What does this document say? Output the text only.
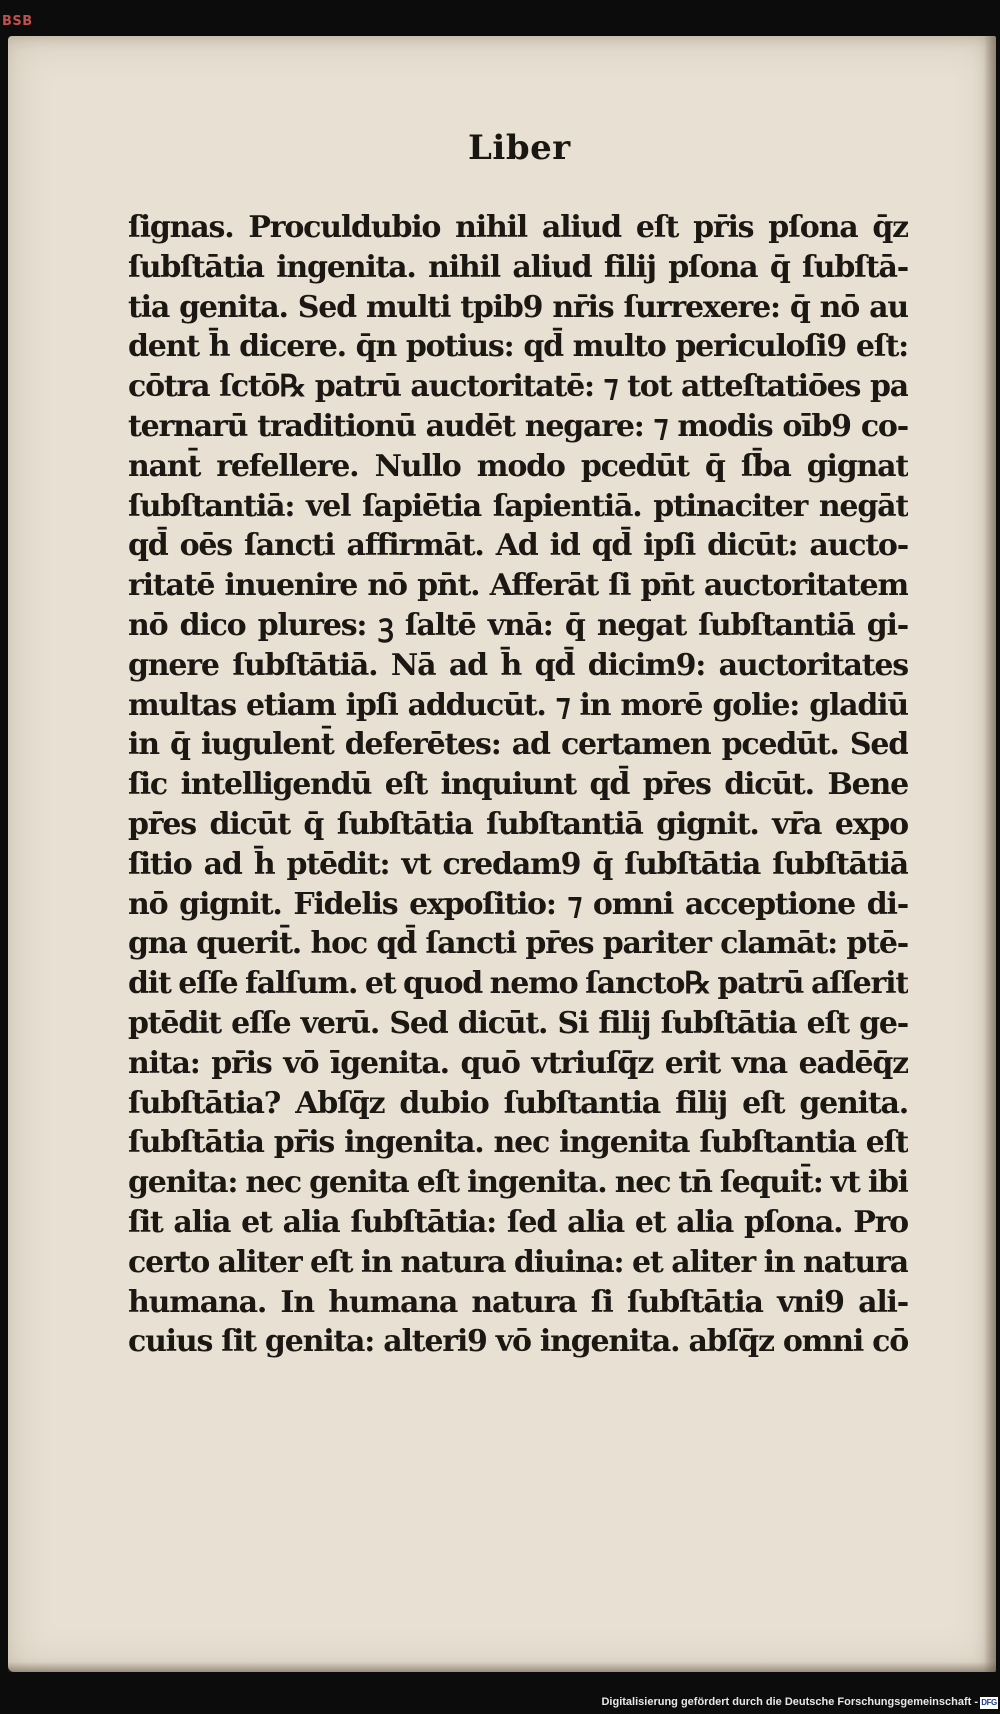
BSB
Liber
ſignas. Proculdubio nihil aliud eſt pr̄is pſona q̄z
ſubſtātia ingenita. nihil aliud filij pſona q̄ ſubſtā-
tia genita. Sed multi tpib9 nr̄is ſurrexere: q̄ nō au
dent h̄ dicere. q̄n potius: qd̄ multo periculoſi9 eſt:
cōtra ſctō℞ patrū auctoritatē: ⁊ tot atteſtatiōes pa
ternarū traditionū audēt negare: ⁊ modis oīb9 co-
nant̄ refellere. Nullo modo pcedūt q̄ ſb̄a gignat
ſubſtantiā: vel ſapiētia ſapientiā. ptinaciter negāt
qd̄ oēs ſancti affirmāt. Ad id qd̄ ipſi dicūt: aucto-
ritatē inuenire nō pn̄t. Afferāt ſi pn̄t auctoritatem
nō dico plures: ꝫ ſaltē vnā: q̄ negat ſubſtantiā gi-
gnere ſubſtātiā. Nā ad h̄ qd̄ dicim9: auctoritates
multas etiam ipſi adducūt. ⁊ in morē golie: gladiū
in q̄ iugulent̄ deferētes: ad certamen pcedūt. Sed
ſic intelligendū eſt inquiunt qd̄ pr̄es dicūt. Bene
pr̄es dicūt q̄ ſubſtātia ſubſtantiā gignit. vr̄a expo
ſitio ad h̄ ptēdit: vt credam9 q̄ ſubſtātia ſubſtātiā
nō gignit. Fidelis expoſitio: ⁊ omni acceptione di-
gna querit̄. hoc qd̄ ſancti pr̄es pariter clamāt: ptē-
dit eſſe falſum. et quod nemo ſancto℞ patrū aſſerit
ptēdit eſſe verū. Sed dicūt. Si filij ſubſtātia eſt ge-
nita: pr̄is vō īgenita. quō vtriuſq̄z erit vna eadēq̄z
ſubſtātia? Abſq̄z dubio ſubſtantia filij eſt genita.
ſubſtātia pr̄is ingenita. nec ingenita ſubſtantia eſt
genita: nec genita eſt ingenita. nec tn̄ ſequit̄: vt ibi
ſit alia et alia ſubſtātia: ſed alia et alia pſona. Pro
certo aliter eſt in natura diuina: et aliter in natura
humana. In humana natura ſi ſubſtātia vni9 ali-
cuius ſit genita: alteri9 vō ingenita. abſq̄z omni cō
Digitalisierung gefördert durch die Deutsche Forschungsgemeinschaft - DFG
